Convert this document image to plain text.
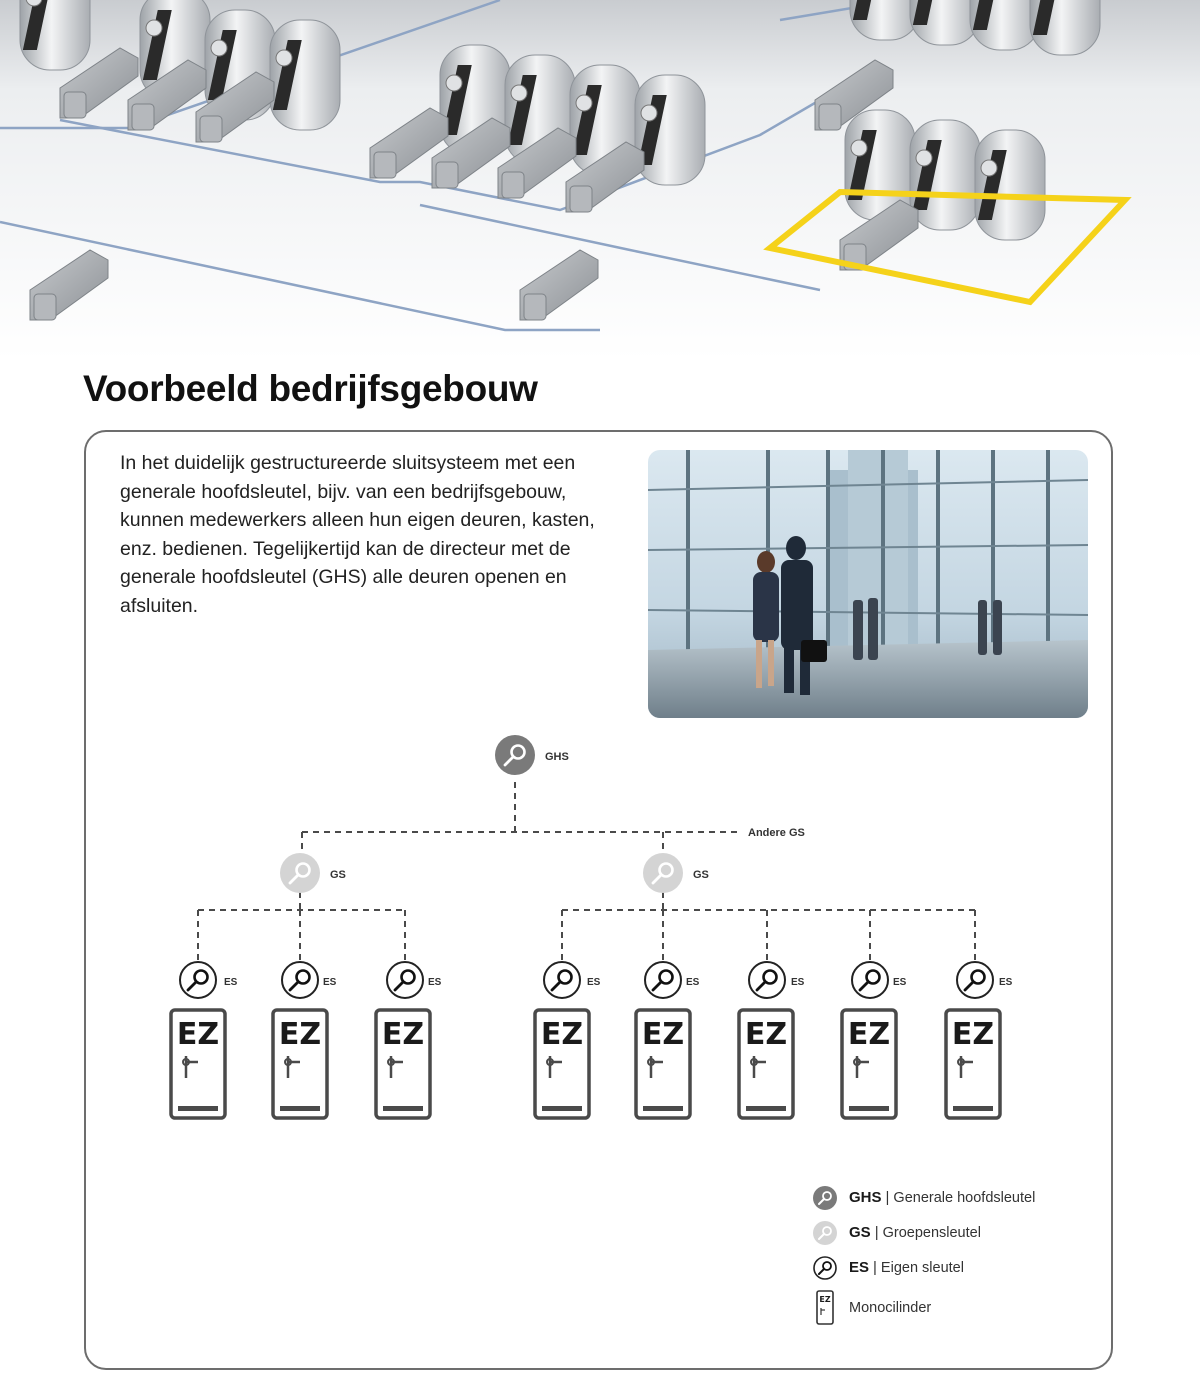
Voorbeeld bedrijfsgebouw

In het duidelijk gestructureerde sluitsysteem met een generale hoofdsleutel, bijv. van een bedrijfsgebouw, kunnen medewerkers alleen hun eigen deuren, kasten, enz. bedienen. Tegelijkertijd kan de directeur met de generale hoofdsleutel (GHS) alle deuren openen en afsluiten.

GHS
Andere GS
GS	GS
ES
EZ
ES
EZ
ES
EZ
ES
EZ
ES
EZ
ES
EZ
ES
EZ
ES
EZ
GHS | Generale hoofdsleutel
GS | Groepensleutel
ES | Eigen sleutel
EZ
Monocilinder
